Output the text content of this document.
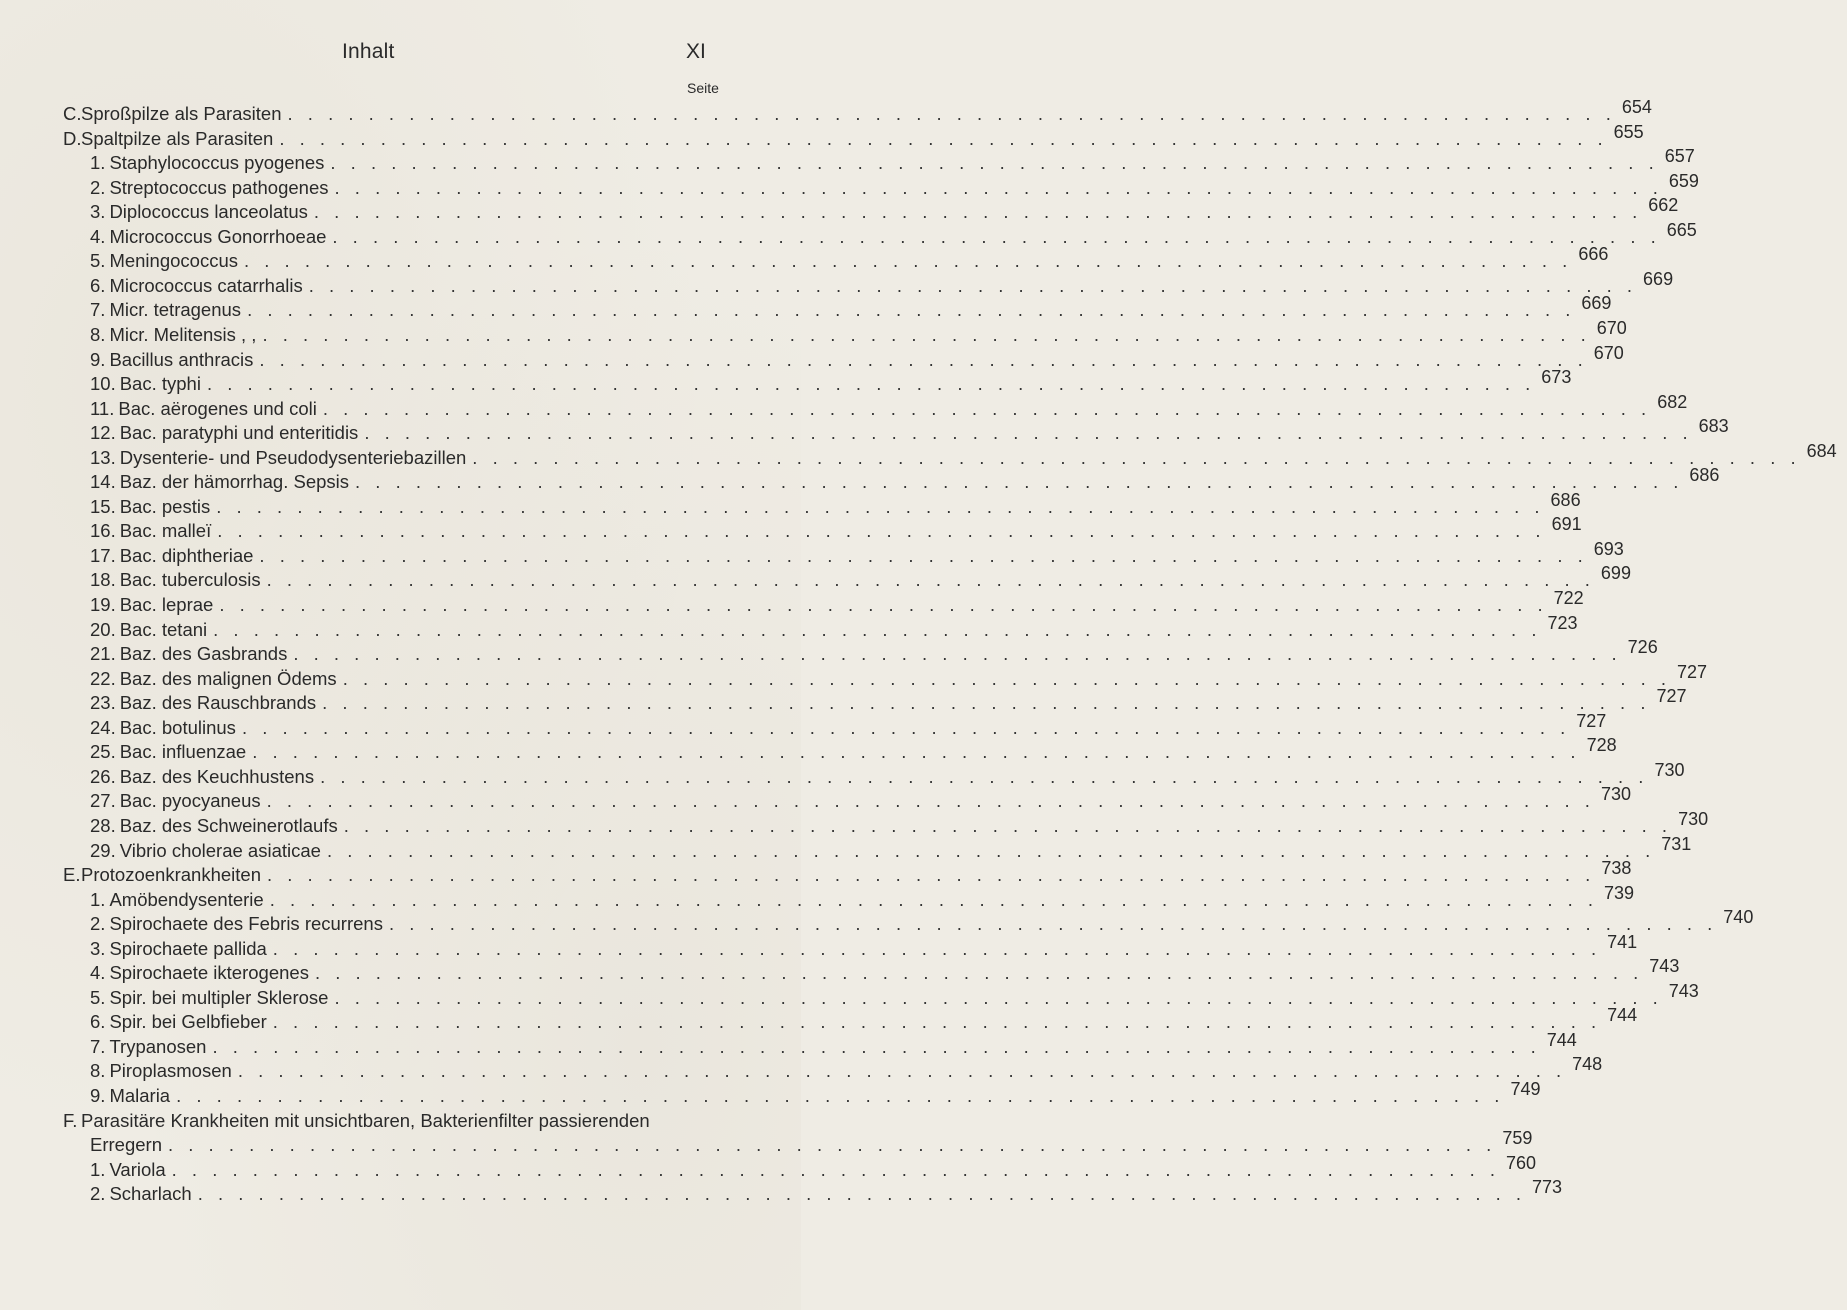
Inhalt	XI
Seite
C. Sproßpilze als Parasiten . . . . . . . . . . . . . . . . . . . . . . . . . . . . . . . . . . . . . . . . . . . . . . . . . . . . . . . . . . . . . . . . . . 654
D. Spaltpilze als Parasiten . . . . . . . . . . . . . . . . . . . . . . . . . . . . . . . . . . . . . . . . . . . . . . . . . . . . . . . . . . . . . . . . . . 655
1. Staphylococcus pyogenes . . . . . . . . . . . . . . . . . . . . . . . . . . . . . . . . . . . . . . . . . . . . . . . . . . . . . . . . . . . . . . . . . . 657
2. Streptococcus pathogenes . . . . . . . . . . . . . . . . . . . . . . . . . . . . . . . . . . . . . . . . . . . . . . . . . . . . . . . . . . . . . . . . . . 659
3. Diplococcus lanceolatus . . . . . . . . . . . . . . . . . . . . . . . . . . . . . . . . . . . . . . . . . . . . . . . . . . . . . . . . . . . . . . . . . . 662
4. Micrococcus Gonorrhoeae . . . . . . . . . . . . . . . . . . . . . . . . . . . . . . . . . . . . . . . . . . . . . . . . . . . . . . . . . . . . . . . . . . 665
5. Meningococcus . . . . . . . . . . . . . . . . . . . . . . . . . . . . . . . . . . . . . . . . . . . . . . . . . . . . . . . . . . . . . . . . . . 666
6. Micrococcus catarrhalis . . . . . . . . . . . . . . . . . . . . . . . . . . . . . . . . . . . . . . . . . . . . . . . . . . . . . . . . . . . . . . . . . . 669
7. Micr. tetragenus . . . . . . . . . . . . . . . . . . . . . . . . . . . . . . . . . . . . . . . . . . . . . . . . . . . . . . . . . . . . . . . . . . 669
8. Micr. Melitensis , , . . . . . . . . . . . . . . . . . . . . . . . . . . . . . . . . . . . . . . . . . . . . . . . . . . . . . . . . . . . . . . . . . . 670
9. Bacillus anthracis . . . . . . . . . . . . . . . . . . . . . . . . . . . . . . . . . . . . . . . . . . . . . . . . . . . . . . . . . . . . . . . . . . 670
10. Bac. typhi . . . . . . . . . . . . . . . . . . . . . . . . . . . . . . . . . . . . . . . . . . . . . . . . . . . . . . . . . . . . . . . . . . 673
11. Bac. aërogenes und coli . . . . . . . . . . . . . . . . . . . . . . . . . . . . . . . . . . . . . . . . . . . . . . . . . . . . . . . . . . . . . . . . . . 682
12. Bac. paratyphi und enteritidis . . . . . . . . . . . . . . . . . . . . . . . . . . . . . . . . . . . . . . . . . . . . . . . . . . . . . . . . . . . . . . . . . . 683
13. Dysenterie- und Pseudodysenteriebazillen . . . . . . . . . . . . . . . . . . . . . . . . . . . . . . . . . . . . . . . . . . . . . . . . . . . . . . . . . . . . . . . . . . 684
14. Baz. der hämorrhag. Sepsis . . . . . . . . . . . . . . . . . . . . . . . . . . . . . . . . . . . . . . . . . . . . . . . . . . . . . . . . . . . . . . . . . . 686
15. Bac. pestis . . . . . . . . . . . . . . . . . . . . . . . . . . . . . . . . . . . . . . . . . . . . . . . . . . . . . . . . . . . . . . . . . . 686
16. Bac. malleï . . . . . . . . . . . . . . . . . . . . . . . . . . . . . . . . . . . . . . . . . . . . . . . . . . . . . . . . . . . . . . . . . . 691
17. Bac. diphtheriae . . . . . . . . . . . . . . . . . . . . . . . . . . . . . . . . . . . . . . . . . . . . . . . . . . . . . . . . . . . . . . . . . . 693
18. Bac. tuberculosis . . . . . . . . . . . . . . . . . . . . . . . . . . . . . . . . . . . . . . . . . . . . . . . . . . . . . . . . . . . . . . . . . . 699
19. Bac. leprae . . . . . . . . . . . . . . . . . . . . . . . . . . . . . . . . . . . . . . . . . . . . . . . . . . . . . . . . . . . . . . . . . . 722
20. Bac. tetani . . . . . . . . . . . . . . . . . . . . . . . . . . . . . . . . . . . . . . . . . . . . . . . . . . . . . . . . . . . . . . . . . . 723
21. Baz. des Gasbrands . . . . . . . . . . . . . . . . . . . . . . . . . . . . . . . . . . . . . . . . . . . . . . . . . . . . . . . . . . . . . . . . . . 726
22. Baz. des malignen Ödems . . . . . . . . . . . . . . . . . . . . . . . . . . . . . . . . . . . . . . . . . . . . . . . . . . . . . . . . . . . . . . . . . . 727
23. Baz. des Rauschbrands . . . . . . . . . . . . . . . . . . . . . . . . . . . . . . . . . . . . . . . . . . . . . . . . . . . . . . . . . . . . . . . . . . 727
24. Bac. botulinus . . . . . . . . . . . . . . . . . . . . . . . . . . . . . . . . . . . . . . . . . . . . . . . . . . . . . . . . . . . . . . . . . . 727
25. Bac. influenzae . . . . . . . . . . . . . . . . . . . . . . . . . . . . . . . . . . . . . . . . . . . . . . . . . . . . . . . . . . . . . . . . . . 728
26. Baz. des Keuchhustens . . . . . . . . . . . . . . . . . . . . . . . . . . . . . . . . . . . . . . . . . . . . . . . . . . . . . . . . . . . . . . . . . . 730
27. Bac. pyocyaneus . . . . . . . . . . . . . . . . . . . . . . . . . . . . . . . . . . . . . . . . . . . . . . . . . . . . . . . . . . . . . . . . . . 730
28. Baz. des Schweinerotlaufs . . . . . . . . . . . . . . . . . . . . . . . . . . . . . . . . . . . . . . . . . . . . . . . . . . . . . . . . . . . . . . . . . . 730
29. Vibrio cholerae asiaticae . . . . . . . . . . . . . . . . . . . . . . . . . . . . . . . . . . . . . . . . . . . . . . . . . . . . . . . . . . . . . . . . . . 731
E. Protozoenkrankheiten . . . . . . . . . . . . . . . . . . . . . . . . . . . . . . . . . . . . . . . . . . . . . . . . . . . . . . . . . . . . . . . . . . 738
1. Amöbendysenterie . . . . . . . . . . . . . . . . . . . . . . . . . . . . . . . . . . . . . . . . . . . . . . . . . . . . . . . . . . . . . . . . . . 739
2. Spirochaete des Febris recurrens . . . . . . . . . . . . . . . . . . . . . . . . . . . . . . . . . . . . . . . . . . . . . . . . . . . . . . . . . . . . . . . . . . 740
3. Spirochaete pallida . . . . . . . . . . . . . . . . . . . . . . . . . . . . . . . . . . . . . . . . . . . . . . . . . . . . . . . . . . . . . . . . . . 741
4. Spirochaete ikterogenes . . . . . . . . . . . . . . . . . . . . . . . . . . . . . . . . . . . . . . . . . . . . . . . . . . . . . . . . . . . . . . . . . . 743
5. Spir. bei multipler Sklerose . . . . . . . . . . . . . . . . . . . . . . . . . . . . . . . . . . . . . . . . . . . . . . . . . . . . . . . . . . . . . . . . . . 743
6. Spir. bei Gelbfieber . . . . . . . . . . . . . . . . . . . . . . . . . . . . . . . . . . . . . . . . . . . . . . . . . . . . . . . . . . . . . . . . . . 744
7. Trypanosen . . . . . . . . . . . . . . . . . . . . . . . . . . . . . . . . . . . . . . . . . . . . . . . . . . . . . . . . . . . . . . . . . . 744
8. Piroplasmosen . . . . . . . . . . . . . . . . . . . . . . . . . . . . . . . . . . . . . . . . . . . . . . . . . . . . . . . . . . . . . . . . . . 748
9. Malaria . . . . . . . . . . . . . . . . . . . . . . . . . . . . . . . . . . . . . . . . . . . . . . . . . . . . . . . . . . . . . . . . . . 749
F. Parasitäre Krankheiten mit unsichtbaren, Bakterienfilter passierenden
Erregern . . . . . . . . . . . . . . . . . . . . . . . . . . . . . . . . . . . . . . . . . . . . . . . . . . . . . . . . . . . . . . . . . . 759
1. Variola . . . . . . . . . . . . . . . . . . . . . . . . . . . . . . . . . . . . . . . . . . . . . . . . . . . . . . . . . . . . . . . . . . 760
2. Scharlach . . . . . . . . . . . . . . . . . . . . . . . . . . . . . . . . . . . . . . . . . . . . . . . . . . . . . . . . . . . . . . . . . . 773
